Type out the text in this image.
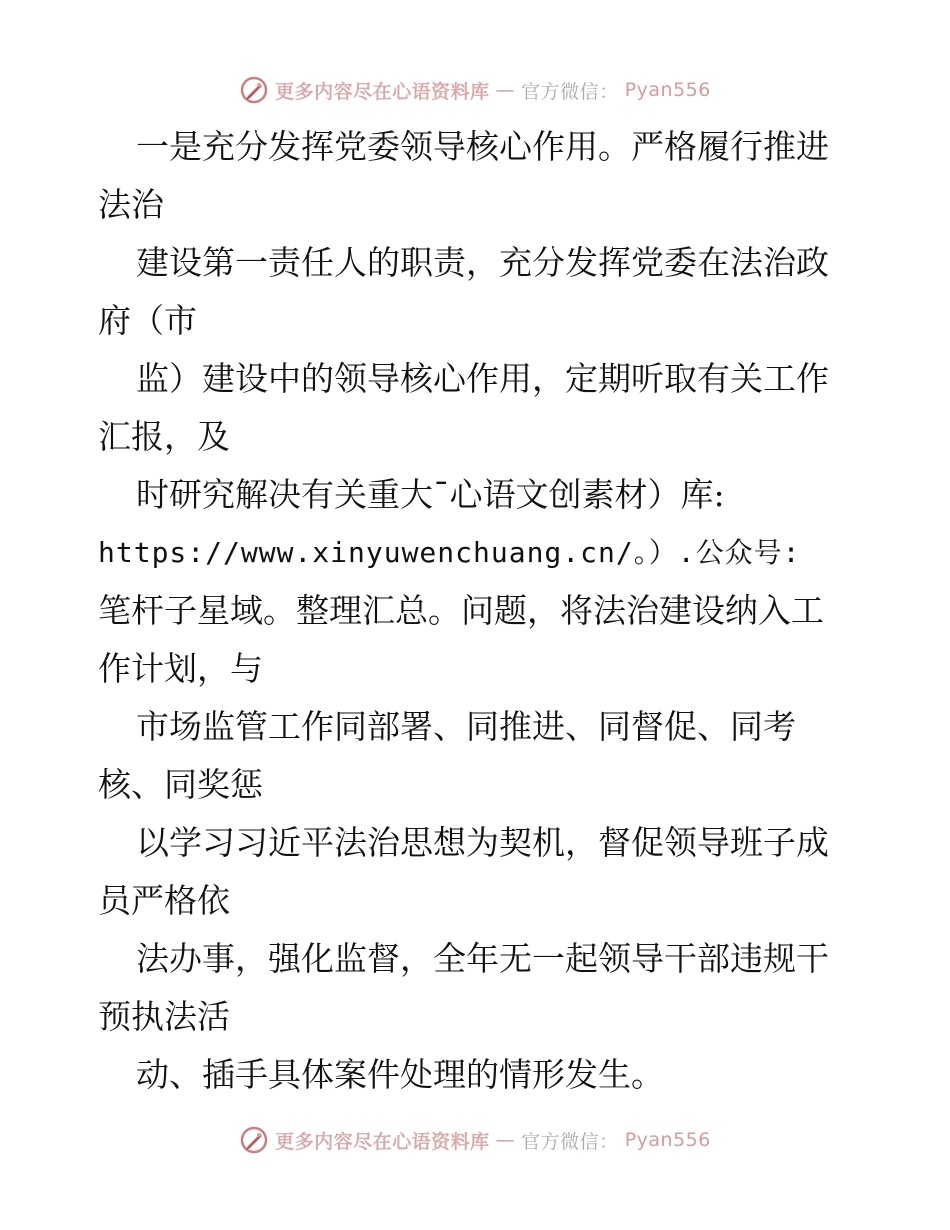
更多内容尽在心语资料库 — 官方微信： Pyan556
一是充分发挥党委领导核心作用。严格履行推进
法治
建设第一责任人的职责，充分发挥党委在法治政
府（市
监）建设中的领导核心作用，定期听取有关工作
汇报，及
时研究解决有关重大¯心语文创素材）库:
https://www.xinyuwenchuang.cn/。）.公众号:
笔杆子星域。整理汇总。问题，将法治建设纳入工
作计划，与
市场监管工作同部署、同推进、同督促、同考
核、同奖惩
以学习习近平法治思想为契机，督促领导班子成
员严格依
法办事，强化监督，全年无一起领导干部违规干
预执法活
动、插手具体案件处理的情形发生。
更多内容尽在心语资料库 — 官方微信： Pyan556
